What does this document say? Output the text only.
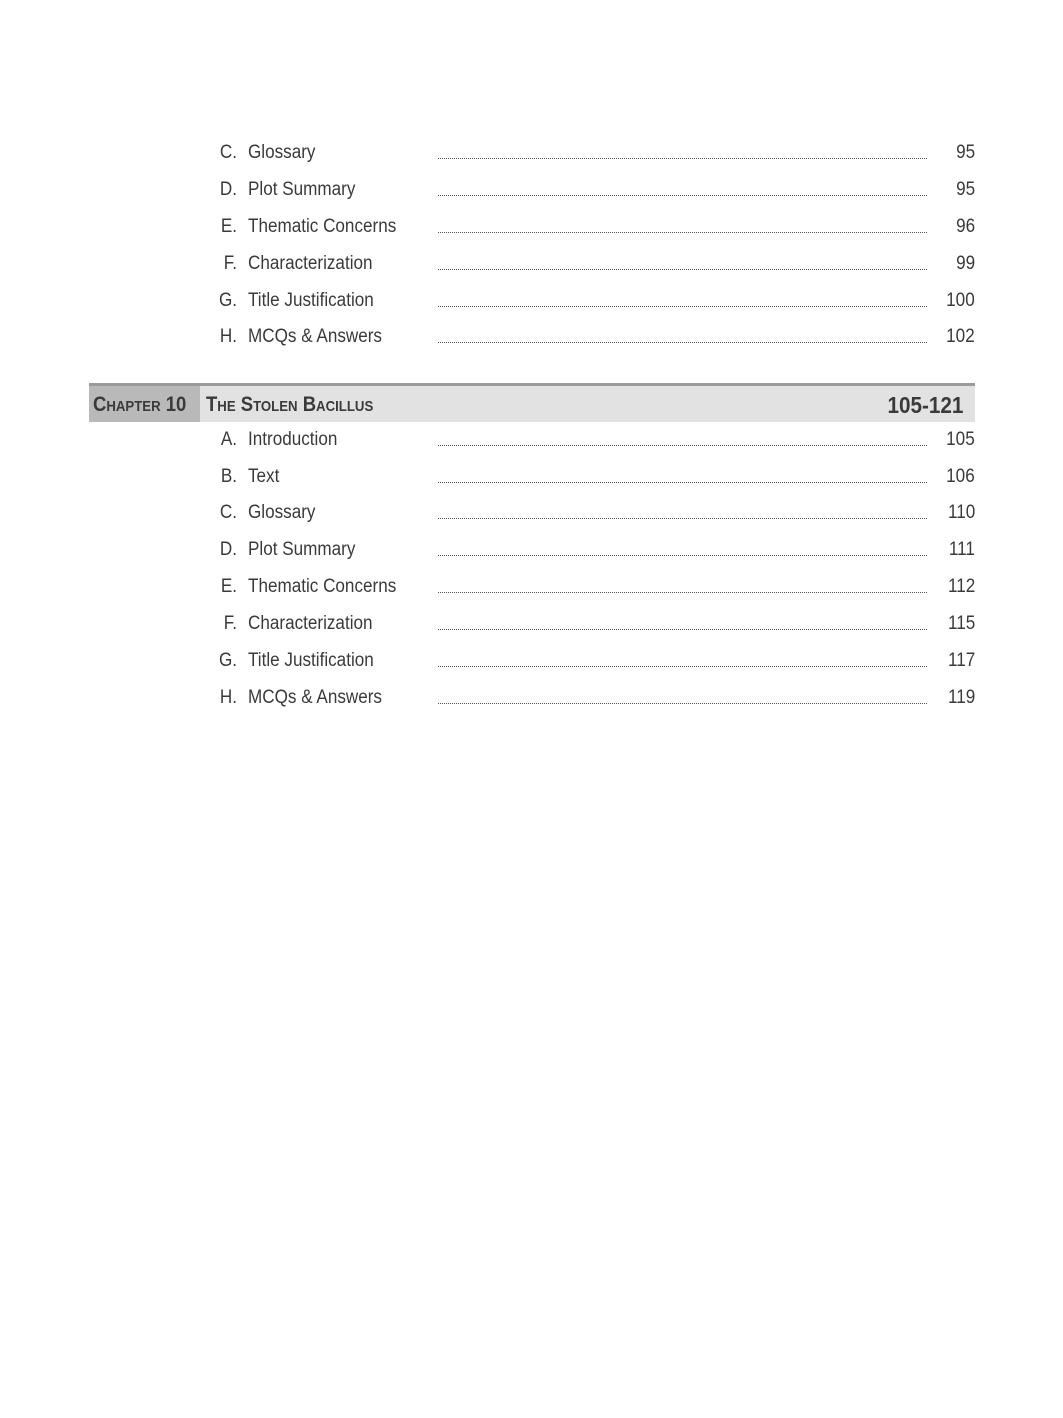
C. Glossary	95
D. Plot Summary	95
E. Thematic Concerns	96
F. Characterization	99
G. Title Justification	100
H. MCQs & Answers	102
Chapter 10 The Stolen Bacillus	105-121
A. Introduction	105
B. Text	106
C. Glossary	110
D. Plot Summary	111
E. Thematic Concerns	112
F. Characterization	115
G. Title Justification	117
H. MCQs & Answers	119
